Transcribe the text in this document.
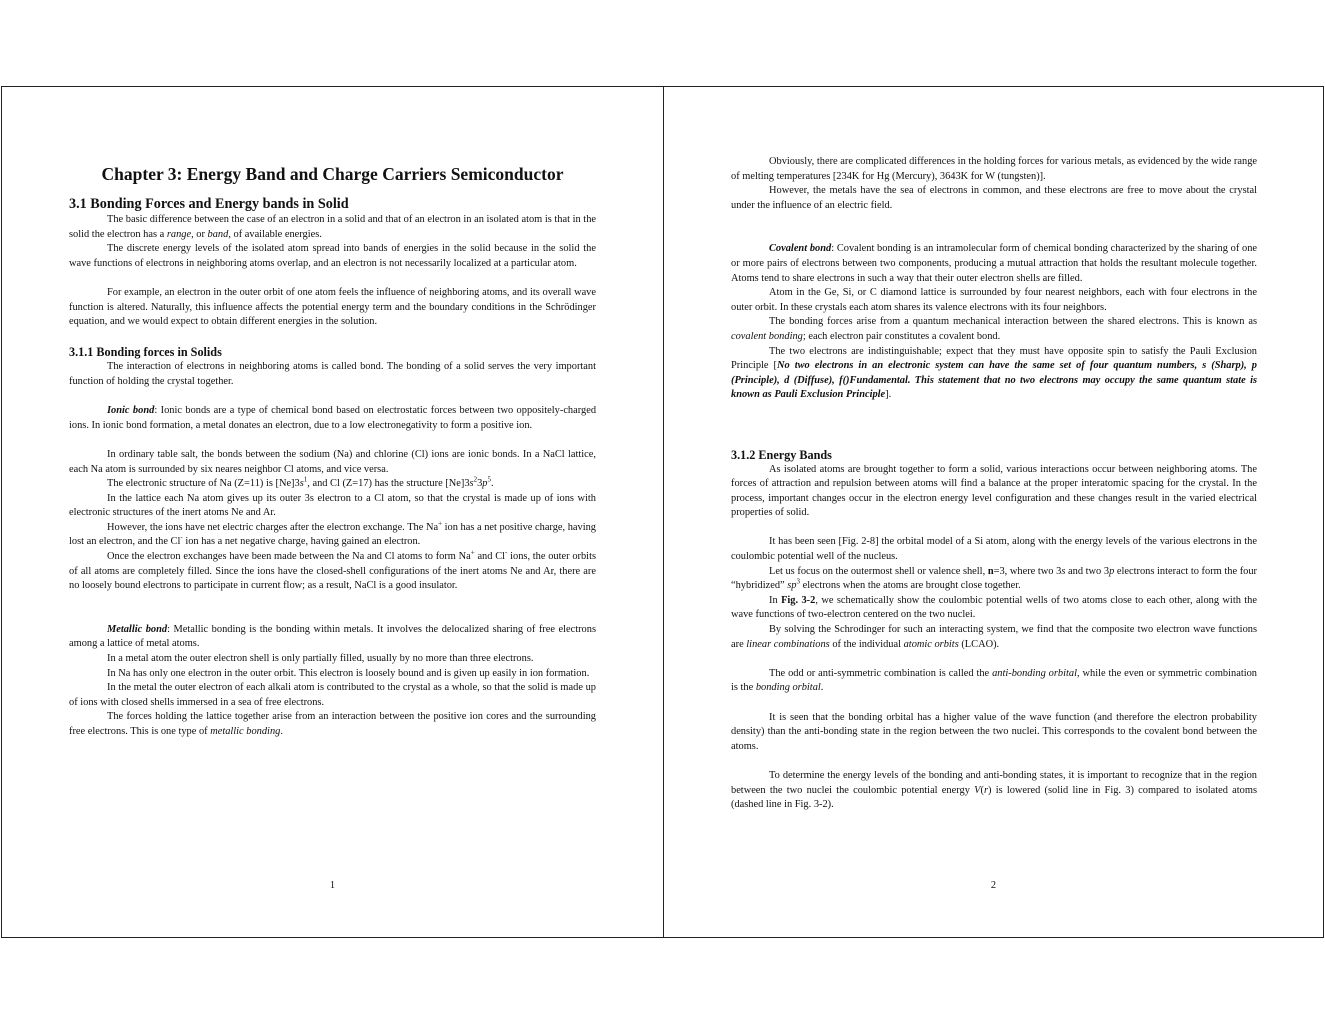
Chapter 3: Energy Band and Charge Carriers Semiconductor
3.1 Bonding Forces and Energy bands in Solid

The basic difference between the case of an electron in a solid and that of an electron in an isolated atom is that in the solid the electron has a range, or band, of available energies.

The discrete energy levels of the isolated atom spread into bands of energies in the solid because in the solid the wave functions of electrons in neighboring atoms overlap, and an electron is not necessarily localized at a particular atom.

For example, an electron in the outer orbit of one atom feels the influence of neighboring atoms, and its overall wave function is altered. Naturally, this influence affects the potential energy term and the boundary conditions in the Schrödinger equation, and we would expect to obtain different energies in the solution.

3.1.1 Bonding forces in Solids

The interaction of electrons in neighboring atoms is called bond. The bonding of a solid serves the very important function of holding the crystal together.

Ionic bond: Ionic bonds are a type of chemical bond based on electrostatic forces between two oppositely-charged ions. In ionic bond formation, a metal donates an electron, due to a low electronegativity to form a positive ion.

In ordinary table salt, the bonds between the sodium (Na) and chlorine (Cl) ions are ionic bonds. In a NaCl lattice, each Na atom is surrounded by six neares neighbor Cl atoms, and vice versa.

The electronic structure of Na (Z=11) is $[Ne]3s^1$, and Cl (Z=17) has the structure $[Ne]3s^23p^5$.

In the lattice each Na atom gives up its outer 3s electron to a Cl atom, so that the crystal is made up of ions with electronic structures of the inert atoms Ne and Ar.

However, the ions have net electric charges after the electron exchange. The Na+ ion has a net positive charge, having lost an electron, and the Cl- ion has a net negative charge, having gained an electron.

Once the electron exchanges have been made between the Na and Cl atoms to form Na+ and Cl- ions, the outer orbits of all atoms are completely filled. Since the ions have the closed-shell configurations of the inert atoms Ne and Ar, there are no loosely bound electrons to participate in current flow; as a result, NaCl is a good insulator.

Metallic bond: Metallic bonding is the bonding within metals. It involves the delocalized sharing of free electrons among a lattice of metal atoms.

In a metal atom the outer electron shell is only partially filled, usually by no more than three electrons.

In Na has only one electron in the outer orbit. This electron is loosely bound and is given up easily in ion formation.

In the metal the outer electron of each alkali atom is contributed to the crystal as a whole, so that the solid is made up of ions with closed shells immersed in a sea of free electrons.

The forces holding the lattice together arise from an interaction between the positive ion cores and the surrounding free electrons. This is one type of metallic bonding.

1

Obviously, there are complicated differences in the holding forces for various metals, as evidenced by the wide range of melting temperatures [234K for Hg (Mercury), 3643K for W (tungsten)].

However, the metals have the sea of electrons in common, and these electrons are free to move about the crystal under the influence of an electric field.

Covalent bond: Covalent bonding is an intramolecular form of chemical bonding characterized by the sharing of one or more pairs of electrons between two components, producing a mutual attraction that holds the resultant molecule together. Atoms tend to share electrons in such a way that their outer electron shells are filled.

Atom in the Ge, Si, or C diamond lattice is surrounded by four nearest neighbors, each with four electrons in the outer orbit. In these crystals each atom shares its valence electrons with its four neighbors.

The bonding forces arise from a quantum mechanical interaction between the shared electrons. This is known as covalent bonding; each electron pair constitutes a covalent bond.

The two electrons are indistinguishable; expect that they must have opposite spin to satisfy the Pauli Exclusion Principle [No two electrons in an electronic system can have the same set of four quantum numbers, s (Sharp), p (Principle), d (Diffuse), f()Fundamental. This statement that no two electrons may occupy the same quantum state is known as Pauli Exclusion Principle].

3.1.2 Energy Bands

As isolated atoms are brought together to form a solid, various interactions occur between neighboring atoms. The forces of attraction and repulsion between atoms will find a balance at the proper interatomic spacing for the crystal. In the process, important changes occur in the electron energy level configuration and these changes result in the varied electrical properties of solid.

It has been seen [Fig. 2-8] the orbital model of a Si atom, along with the energy levels of the various electrons in the coulombic potential well of the nucleus.

Let us focus on the outermost shell or valence shell, n=3, where two 3s and two 3p electrons interact to form the four “hybridized” $sp^3$ electrons when the atoms are brought close together.

In Fig. 3-2, we schematically show the coulombic potential wells of two atoms close to each other, along with the wave functions of two-electron centered on the two nuclei.

By solving the Schrodinger for such an interacting system, we find that the composite two electron wave functions are linear combinations of the individual atomic orbits (LCAO).

The odd or anti-symmetric combination is called the anti-bonding orbital, while the even or symmetric combination is the bonding orbital.

It is seen that the bonding orbital has a higher value of the wave function (and therefore the electron probability density) than the anti-bonding state in the region between the two nuclei. This corresponds to the covalent bond between the atoms.

To determine the energy levels of the bonding and anti-bonding states, it is important to recognize that in the region between the two nuclei the coulombic potential energy V(r) is lowered (solid line in Fig. 3) compared to isolated atoms (dashed line in Fig. 3-2).

2
